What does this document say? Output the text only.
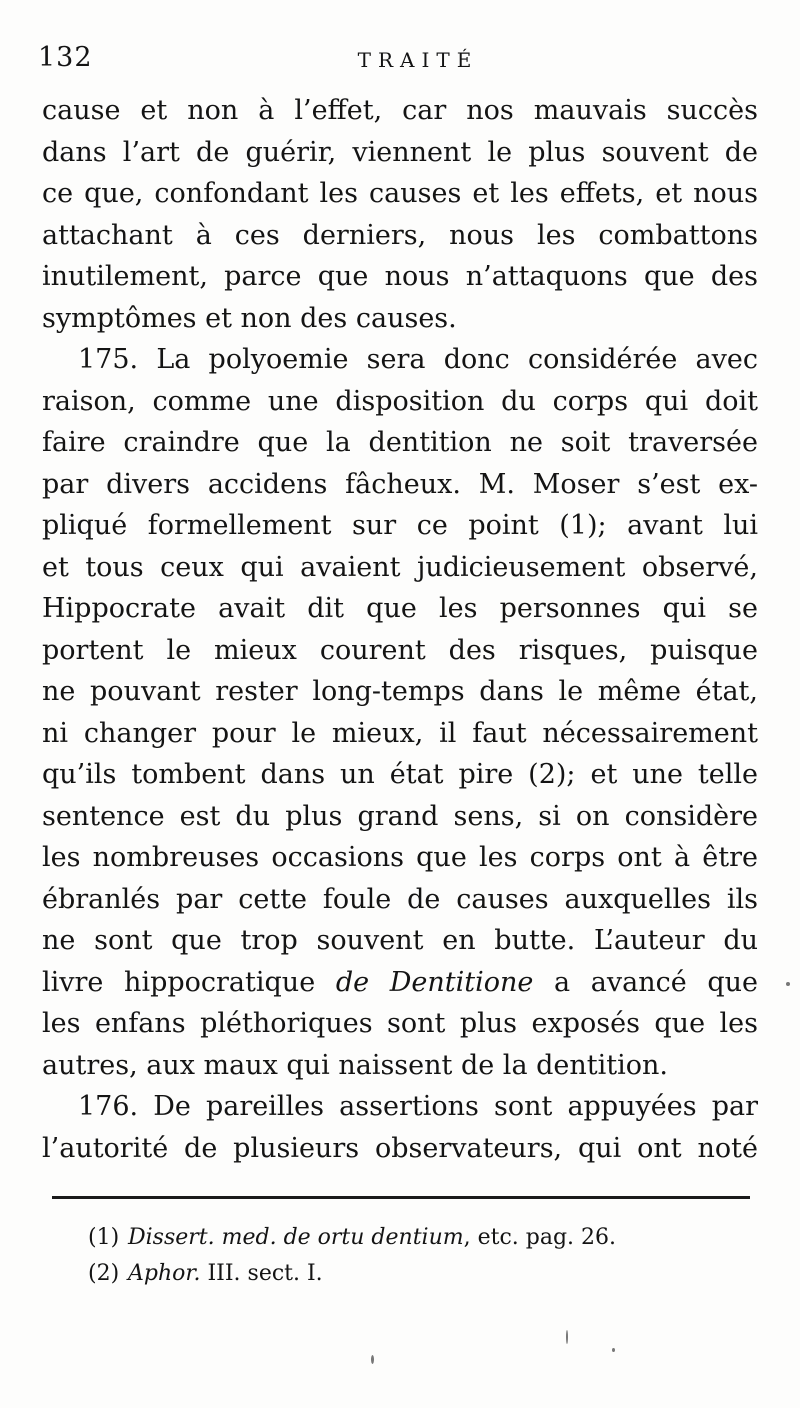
132	TRAITÉ
cause et non à l’effet, car nos mauvais succès
dans l’art de guérir, viennent le plus souvent de
ce que, confondant les causes et les effets, et nous
attachant à ces derniers, nous les combattons
inutilement, parce que nous n’attaquons que des
symptômes et non des causes.
175. La polyoemie sera donc considérée avec
raison, comme une disposition du corps qui doit
faire craindre que la dentition ne soit traversée
par divers accidens fâcheux. M. Moser s’est ex-
pliqué formellement sur ce point (1); avant lui
et tous ceux qui avaient judicieusement observé,
Hippocrate avait dit que les personnes qui se
portent le mieux courent des risques, puisque
ne pouvant rester long-temps dans le même état,
ni changer pour le mieux, il faut nécessairement
qu’ils tombent dans un état pire (2); et une telle
sentence est du plus grand sens, si on considère
les nombreuses occasions que les corps ont à être
ébranlés par cette foule de causes auxquelles ils
ne sont que trop souvent en butte. L’auteur du
livre hippocratique de Dentitione a avancé que
les enfans pléthoriques sont plus exposés que les
autres, aux maux qui naissent de la dentition.
176. De pareilles assertions sont appuyées par
l’autorité de plusieurs observateurs, qui ont noté
(1) Dissert. med. de ortu dentium, etc. pag. 26.
(2) Aphor. III. sect. I.
